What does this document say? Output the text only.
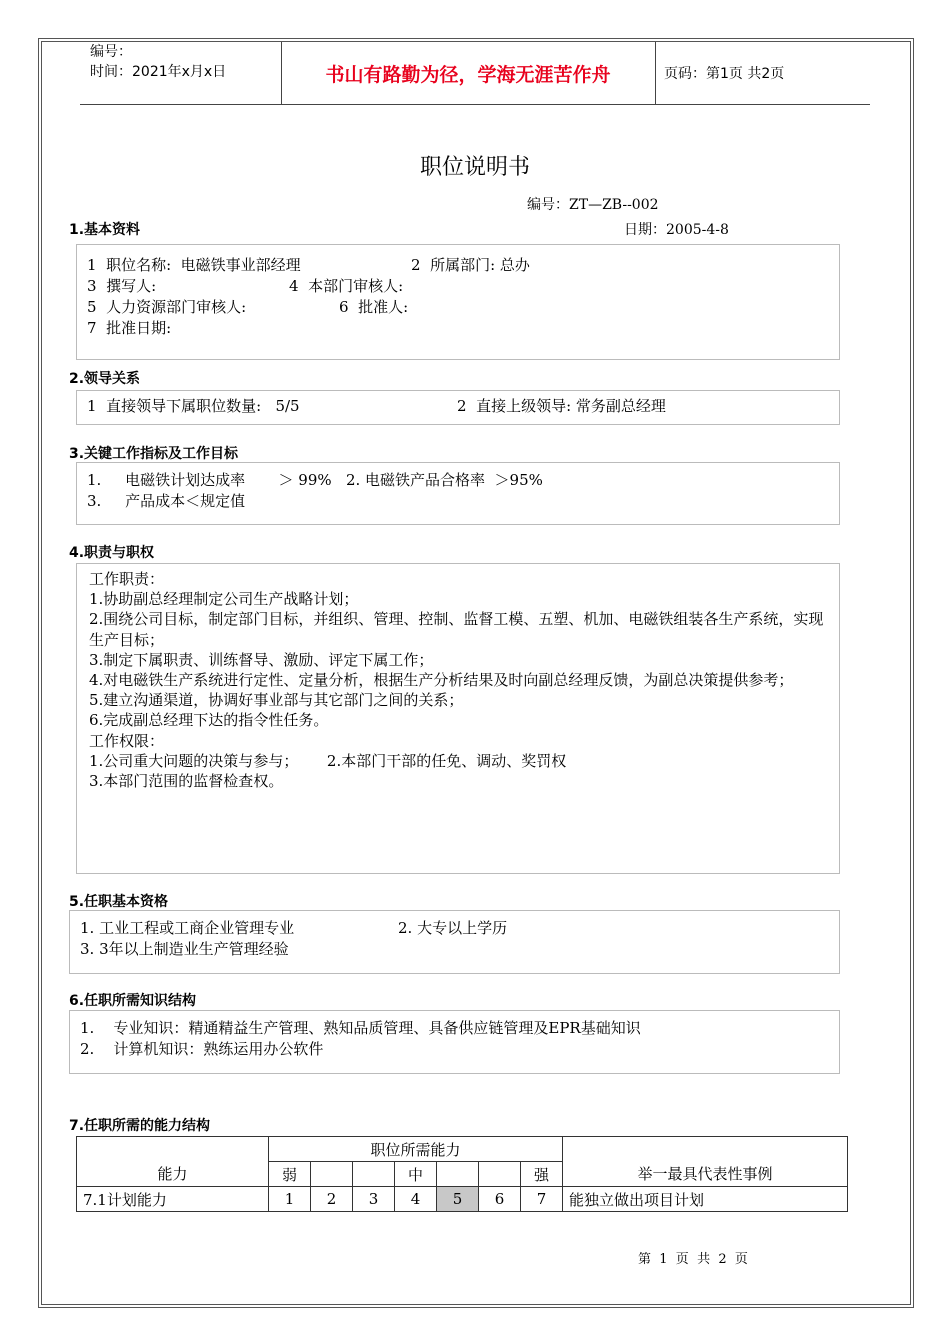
编号：
时间：2021年x月x日	书山有路勤为径，学海无涯苦作舟	页码：第1页 共2页
职位说明书
编号：ZT—ZB--002
日期：2005-4-8
1.基本资料
1  职位名称:  电磁铁事业部经理	2  所属部门: 总办
3  撰写人:	4  本部门审核人:
5  人力资源部门审核人:	6  批准人:
7  批准日期:
2.领导关系
1  直接领导下属职位数量:   5/5	2  直接上级领导: 常务副总经理
3.关键工作指标及工作目标
1.     电磁铁计划达成率       ＞ 99%   2. 电磁铁产品合格率  ＞95%
3.     产品成本＜规定值
4.职责与职权
工作职责：
1.协助副总经理制定公司生产战略计划；
2.围绕公司目标，制定部门目标，并组织、管理、控制、监督工模、五塑、机加、电磁铁组装各生产系统，实现生产目标；
3.制定下属职责、训练督导、激励、评定下属工作；
4.对电磁铁生产系统进行定性、定量分析，根据生产分析结果及时向副总经理反馈，为副总决策提供参考；
5.建立沟通渠道，协调好事业部与其它部门之间的关系；
6.完成副总经理下达的指令性任务。
工作权限：
1.公司重大问题的决策与参与；      2.本部门干部的任免、调动、奖罚权
3.本部门范围的监督检查权。
5.任职基本资格
1. 工业工程或工商企业管理专业	2. 大专以上学历
3. 3年以上制造业生产管理经验
6.任职所需知识结构
1.    专业知识：精通精益生产管理、熟知品质管理、具备供应链管理及EPR基础知识
2.    计算机知识：熟练运用办公软件
7.任职所需的能力结构
能力	职位所需能力							举一最具代表性事例
	弱			中			强	
7.1计划能力	1	2	3	4	5	6	7	能独立做出项目计划
第  1  页  共  2  页
